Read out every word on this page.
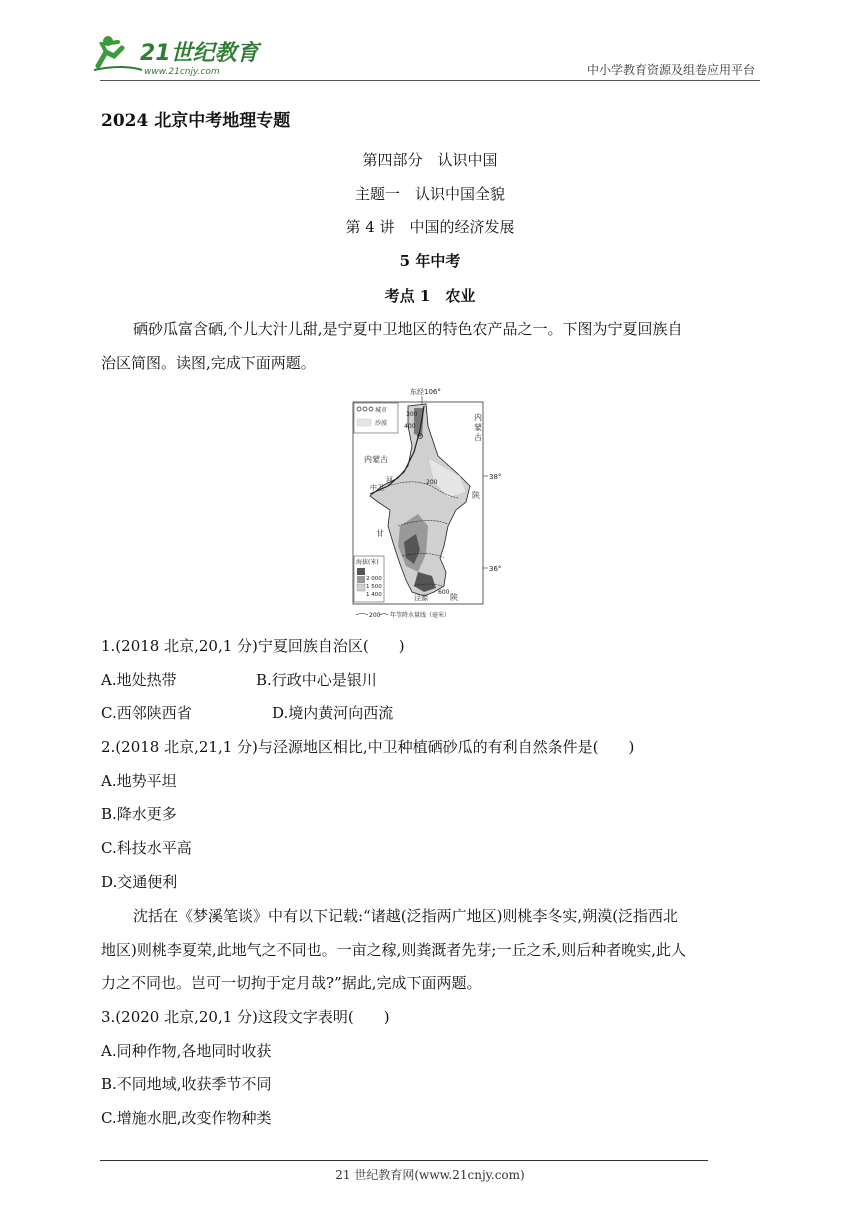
21世纪教育
www.21cnjy.com	中小学教育资源及组卷应用平台
2024 北京中考地理专题
第四部分　认识中国
主题一　认识中国全貌
第 4 讲　中国的经济发展
5 年中考
考点 1　农业
硒砂瓜富含硒,个儿大汁儿甜,是宁夏中卫地区的特色农产品之一。下图为宁夏回族自
治区简图。读图,完成下面两题。
东经106°
38°
36°
城市
沙漠
300
400
200
600
内蒙古
内蒙古
陕
甘
中卫
河
泾源	陕
海拔(米)
2 000
1 500
1 400
200 年等降水量线（毫米）
1.(2018 北京,20,1 分)宁夏回族自治区(　　)
A.地处热带	B.行政中心是银川
C.西邻陕西省	D.境内黄河向西流
2.(2018 北京,21,1 分)与泾源地区相比,中卫种植硒砂瓜的有利自然条件是(　　)
A.地势平坦
B.降水更多
C.科技水平高
D.交通便利
沈括在《梦溪笔谈》中有以下记载:“诸越(泛指两广地区)则桃李冬实,朔漠(泛指西北
地区)则桃李夏荣,此地气之不同也。一亩之稼,则粪溉者先芽;一丘之禾,则后种者晚实,此人
力之不同也。岂可一切拘于定月哉?”据此,完成下面两题。
3.(2020 北京,20,1 分)这段文字表明(　　)
A.同种作物,各地同时收获
B.不同地域,收获季节不同
C.增施水肥,改变作物种类
21 世纪教育网(www.21cnjy.com)
